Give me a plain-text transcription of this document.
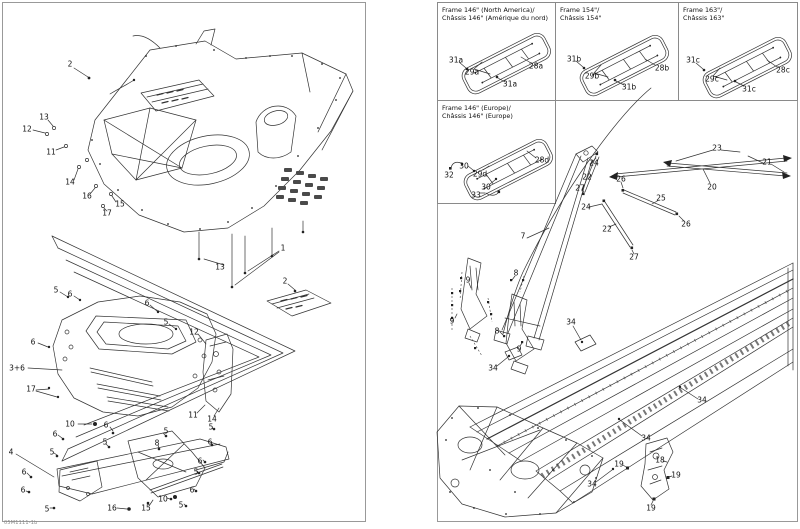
Frame 146" (North America)/
Châssis 146" (Amérique du nord)
Frame 154"/
Châssis 154"
Frame 163"/
Châssis 163"
Frame 146" (Europe)/
Châssis 146" (Europe)
2
13
12
11
14
16
15
17
13
1
2
5 6
6
5
12
6
3+6
17
11 14
10	6
5
5	8
6
4	5
6
6
5	16	15
10
5
6
5
6
6
5
24
22
27
26
25
26
22
27
24
23
21
20
7
8
9
9
8
9
34
34
34
34
34
18
19
19
19
31a
29a
28a
31a
31b
29b
28b
31b
31c
29c
28c
31c
32
30
29d
28d
30
33
05M1111-1b
